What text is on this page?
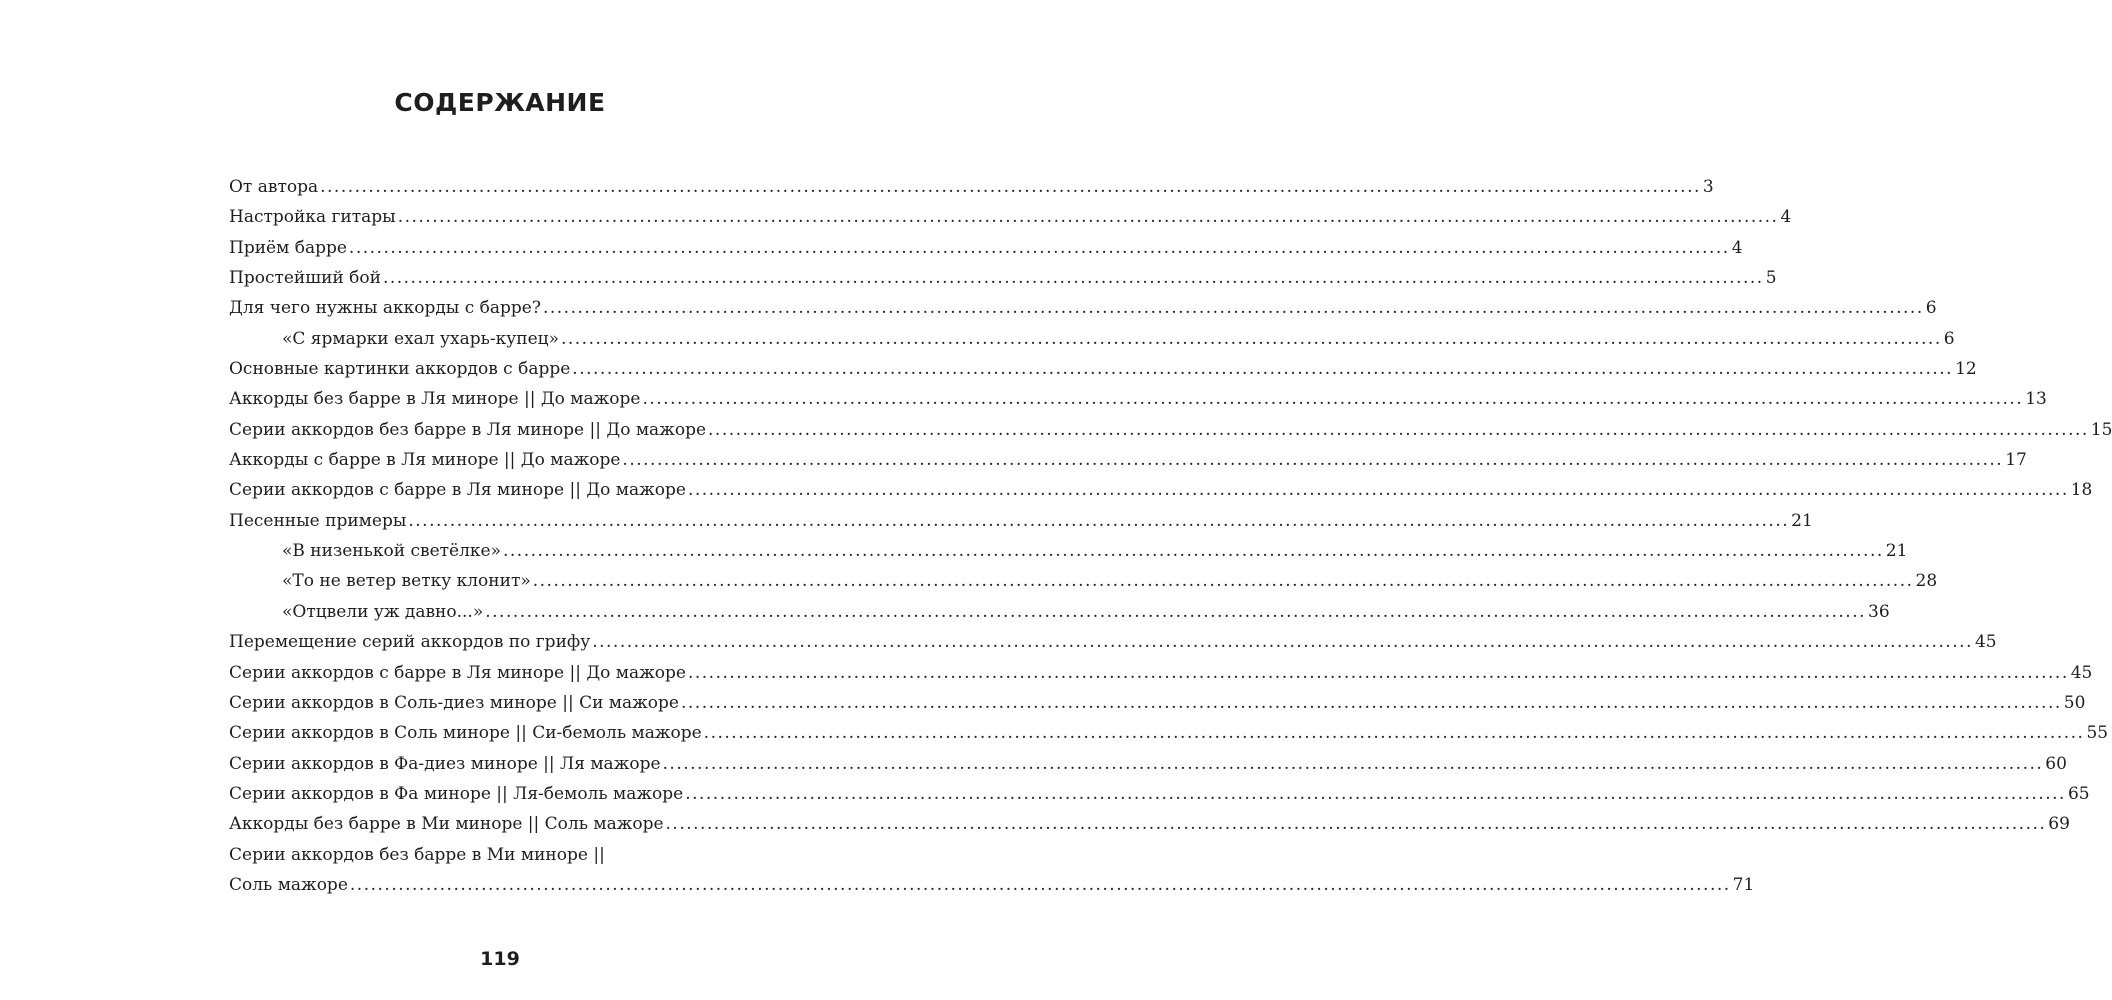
СОДЕРЖАНИЕ
От автора ........................................................................................................................................................................................................ 3
Настройка гитары ........................................................................................................................................................................................................ 4
Приём барре ........................................................................................................................................................................................................ 4
Простейший бой ........................................................................................................................................................................................................ 5
Для чего нужны аккорды с барре? ........................................................................................................................................................................................................ 6
«С ярмарки ехал ухарь-купец» ........................................................................................................................................................................................................ 6
Основные картинки аккордов с барре ........................................................................................................................................................................................................ 12
Аккорды без барре в Ля миноре || До мажоре ........................................................................................................................................................................................................ 13
Серии аккордов без барре в Ля миноре || До мажоре ........................................................................................................................................................................................................ 15
Аккорды с барре в Ля миноре || До мажоре ........................................................................................................................................................................................................ 17
Серии аккордов с барре в Ля миноре || До мажоре ........................................................................................................................................................................................................ 18
Песенные примеры ........................................................................................................................................................................................................ 21
«В низенькой светёлке» ........................................................................................................................................................................................................ 21
«То не ветер ветку клонит» ........................................................................................................................................................................................................ 28
«Отцвели уж давно...» ........................................................................................................................................................................................................ 36
Перемещение серий аккордов по грифу ........................................................................................................................................................................................................ 45
Серии аккордов с барре в Ля миноре || До мажоре ........................................................................................................................................................................................................ 45
Серии аккордов в Соль-диез миноре || Си мажоре ........................................................................................................................................................................................................ 50
Серии аккордов в Соль миноре || Си-бемоль мажоре ........................................................................................................................................................................................................ 55
Серии аккордов в Фа-диез миноре || Ля мажоре ........................................................................................................................................................................................................ 60
Серии аккордов в Фа миноре || Ля-бемоль мажоре ........................................................................................................................................................................................................ 65
Аккорды без барре в Ми миноре || Соль мажоре ........................................................................................................................................................................................................ 69
Серии аккордов без барре в Ми миноре ||
Соль мажоре ........................................................................................................................................................................................................ 71
119
